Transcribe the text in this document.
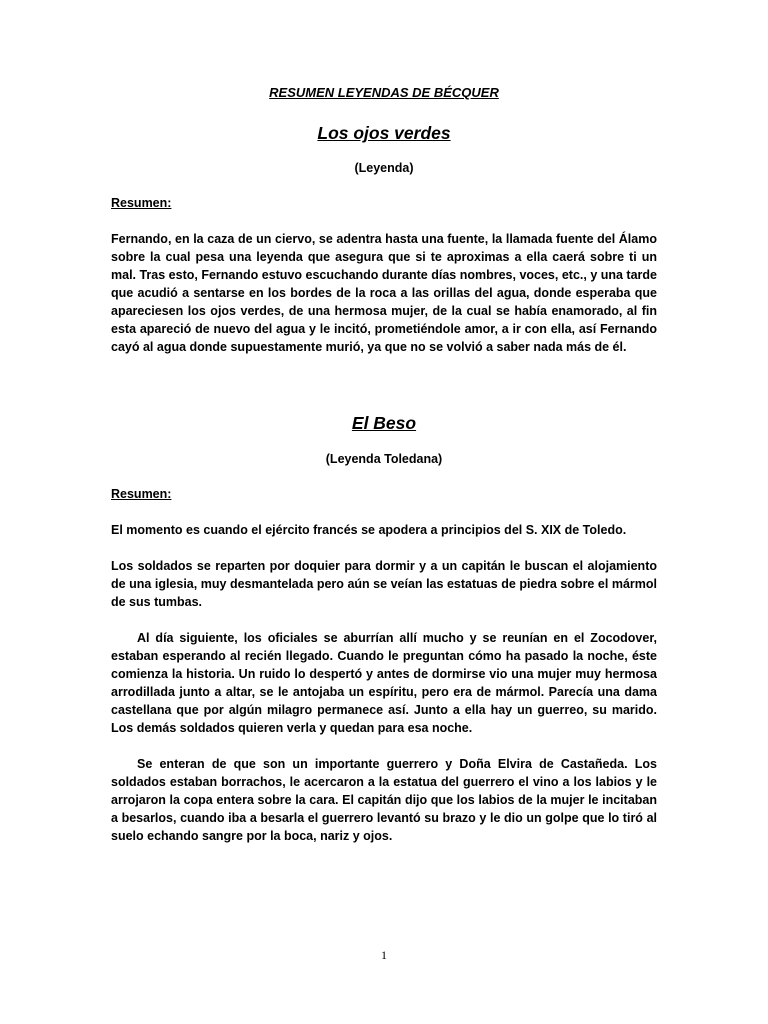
RESUMEN LEYENDAS DE BÉCQUER

Los ojos verdes

(Leyenda)

Resumen:

Fernando, en la caza de un ciervo, se adentra hasta una fuente, la llamada fuente del Álamo sobre la cual pesa una leyenda que asegura que si te aproximas a ella caerá sobre ti un mal. Tras esto, Fernando estuvo escuchando durante días nombres, voces, etc., y una tarde que acudió a sentarse en los bordes de la roca a las orillas del agua, donde esperaba que apareciesen los ojos verdes, de una hermosa mujer, de la cual se había enamorado, al fin esta apareció de nuevo del agua y le incitó, prometiéndole amor, a ir con ella, así Fernando cayó al agua donde supuestamente murió, ya que no se volvió a saber nada más de él.

El Beso

(Leyenda Toledana)

Resumen:

El momento es cuando el ejército francés se apodera a principios del S. XIX de Toledo.

Los soldados se reparten por doquier para dormir y a un capitán le buscan el alojamiento de una iglesia, muy desmantelada pero aún se veían las estatuas de piedra sobre el mármol de sus tumbas.

Al día siguiente, los oficiales se aburrían allí mucho y se reunían en el Zocodover, estaban esperando al recién llegado. Cuando le preguntan cómo ha pasado la noche, éste comienza la historia. Un ruido lo despertó y antes de dormirse vio una mujer muy hermosa arrodillada junto a altar, se le antojaba un espíritu, pero era de mármol. Parecía una dama castellana que por algún milagro permanece así. Junto a ella hay un guerreo, su marido. Los demás soldados quieren verla y quedan para esa noche.

Se enteran de que son un importante guerrero y Doña Elvira de Castañeda. Los soldados estaban borrachos, le acercaron a la estatua del guerrero el vino a los labios y le arrojaron la copa entera sobre la cara. El capitán dijo que los labios de la mujer le incitaban a besarlos, cuando iba a besarla el guerrero levantó su brazo y le dio un golpe que lo tiró al suelo echando sangre por la boca, nariz y ojos.

1
